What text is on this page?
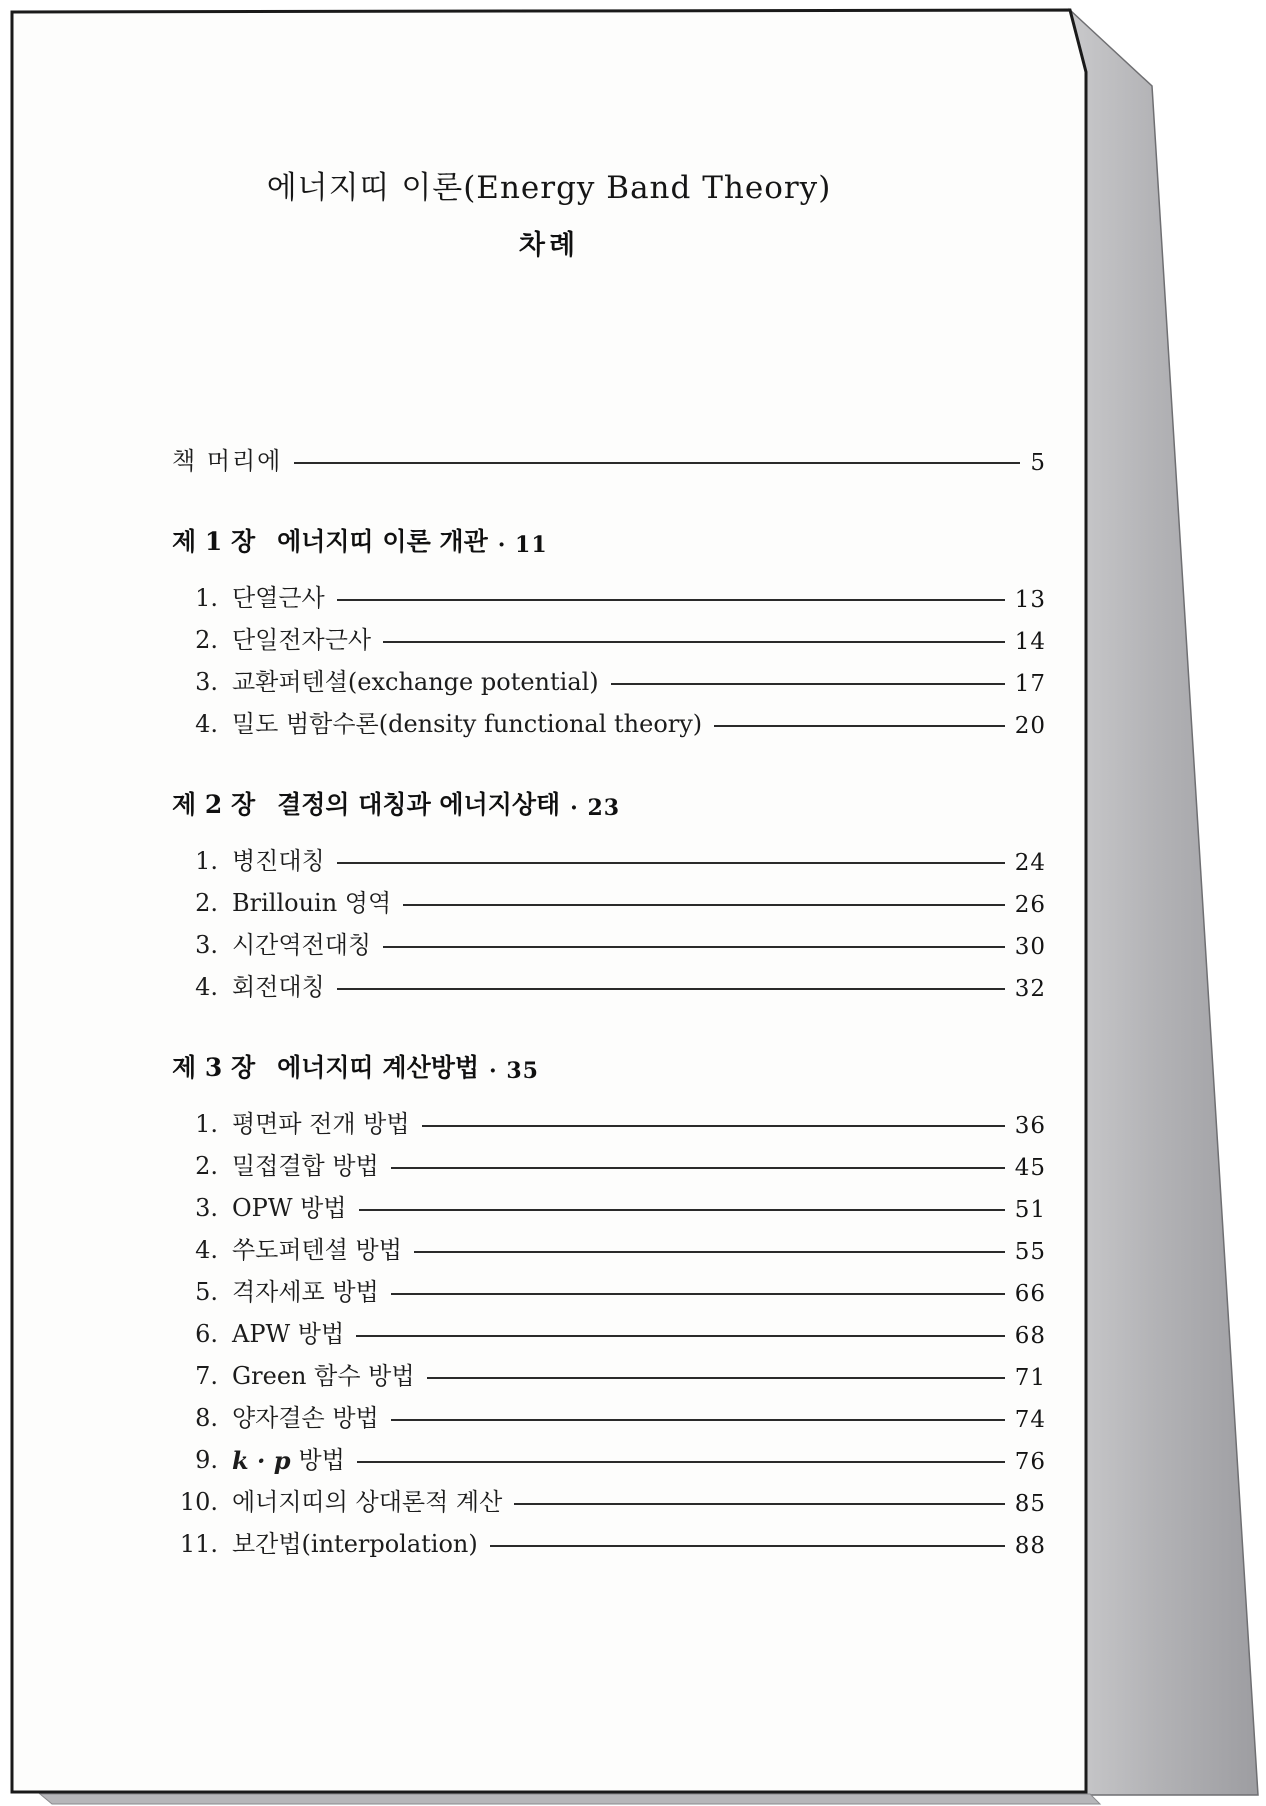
에너지띠 이론(Energy Band Theory)
차례
책 머리에	5
제 1 장 에너지띠 이론 개관 · 11
1. 단열근사	13
2. 단일전자근사	14
3. 교환퍼텐셜(exchange potential)	17
4. 밀도 범함수론(density functional theory)	20
제 2 장 결정의 대칭과 에너지상태 · 23
1. 병진대칭	24
2. Brillouin 영역	26
3. 시간역전대칭	30
4. 회전대칭	32
제 3 장 에너지띠 계산방법 · 35
1. 평면파 전개 방법	36
2. 밀접결합 방법	45
3. OPW 방법	51
4. 쑤도퍼텐셜 방법	55
5. 격자세포 방법	66
6. APW 방법	68
7. Green 함수 방법	71
8. 양자결손 방법	74
9. k · p 방법	76
10. 에너지띠의 상대론적 계산	85
11. 보간법(interpolation)	88
